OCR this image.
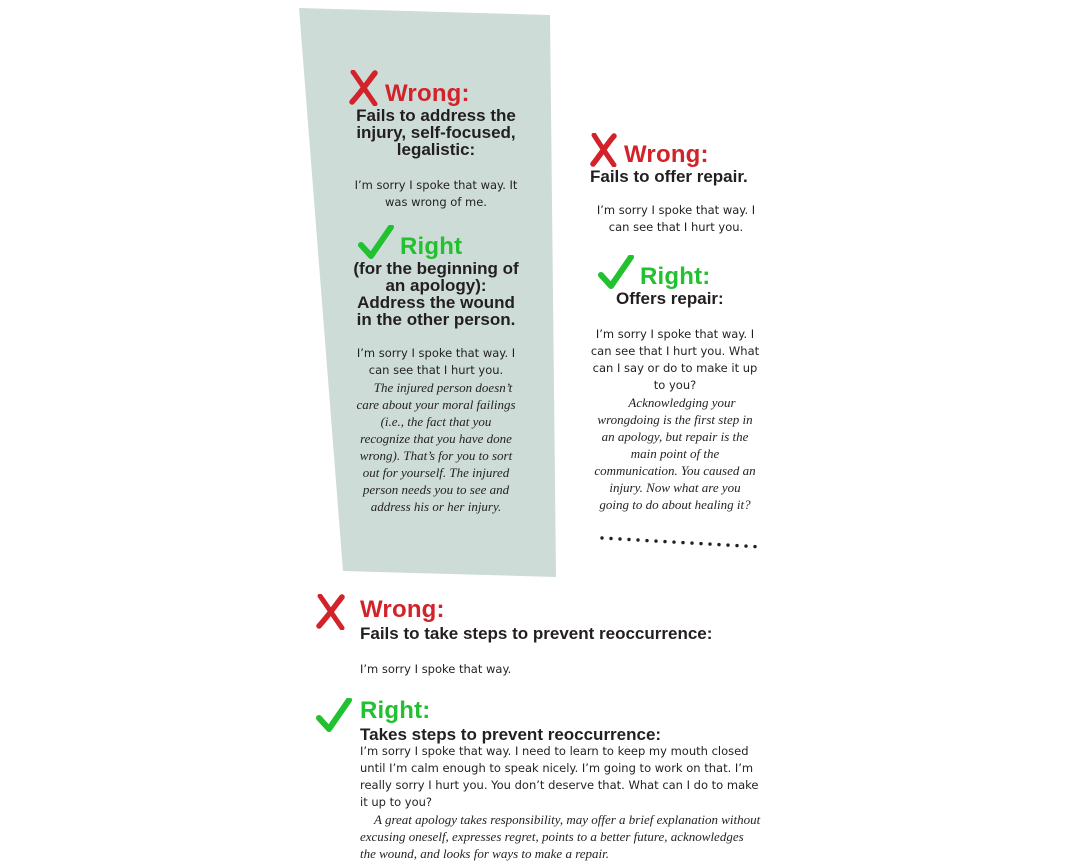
Wrong:
Fails to address the injury, self-focused, legalistic:
I’m sorry I spoke that way. It was wrong of me.
Right
(for the beginning of an apology): Address the wound in the other person.
I’m sorry I spoke that way. I can see that I hurt you.
The injured person doesn’t care about your moral failings (i.e., the fact that you recognize that you have done wrong). That’s for you to sort out for yourself. The injured person needs you to see and address his or her injury.
Wrong:
Fails to offer repair.
I’m sorry I spoke that way. I can see that I hurt you.
Right:
Offers repair:
I’m sorry I spoke that way. I can see that I hurt you. What can I say or do to make it up to you?
Acknowledging your wrongdoing is the first step in an apology, but repair is the main point of the communication. You caused an injury. Now what are you going to do about healing it?
Wrong:
Fails to take steps to prevent reoccurrence:
I’m sorry I spoke that way.
Right:
Takes steps to prevent reoccurrence:
I’m sorry I spoke that way. I need to learn to keep my mouth closed until I’m calm enough to speak nicely. I’m going to work on that. I’m really sorry I hurt you. You don’t deserve that. What can I do to make it up to you?
A great apology takes responsibility, may offer a brief explanation without excusing oneself, expresses regret, points to a better future, acknowledges the wound, and looks for ways to make a repair.
